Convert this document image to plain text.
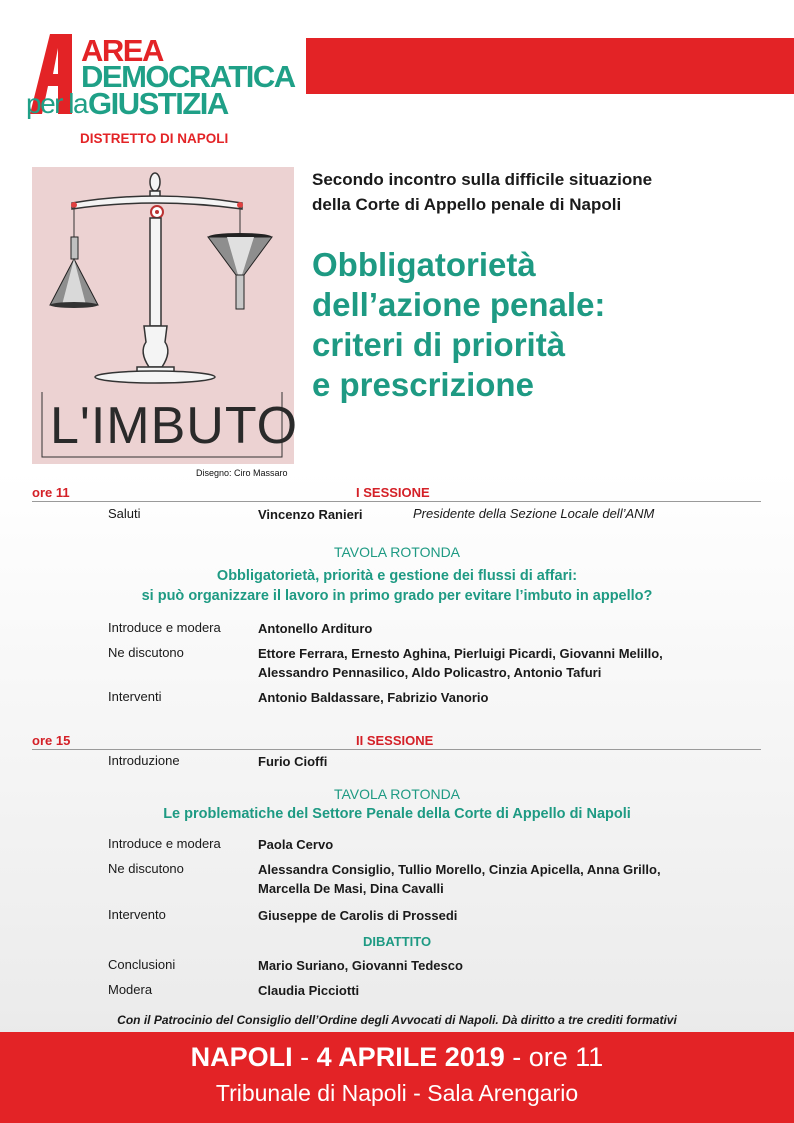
AREA
DEMOCRATICA
per la GIUSTIZIA
DISTRETTO DI NAPOLI
L'IMBUTO
Disegno: Ciro Massaro
Secondo incontro sulla difficile situazione
della Corte di Appello penale di Napoli
Obbligatorietà
dell’azione penale:
criteri di priorità
e prescrizione
ore 11	I SESSIONE
Saluti	Vincenzo Ranieri	Presidente della Sezione Locale dell’ANM
TAVOLA ROTONDA
Obbligatorietà, priorità e gestione dei flussi di affari:
si può organizzare il lavoro in primo grado per evitare l’imbuto in appello?
Introduce e modera	Antonello Ardituro
Ne discutono	Ettore Ferrara, Ernesto Aghina, Pierluigi Picardi, Giovanni Melillo,
Alessandro Pennasilico, Aldo Policastro, Antonio Tafuri
Interventi	Antonio Baldassare, Fabrizio Vanorio
ore 15	II SESSIONE
Introduzione	Furio Cioffi
TAVOLA ROTONDA
Le problematiche del Settore Penale della Corte di Appello di Napoli
Introduce e modera	Paola Cervo
Ne discutono	Alessandra Consiglio, Tullio Morello, Cinzia Apicella, Anna Grillo,
Marcella De Masi, Dina Cavalli
Intervento	Giuseppe de Carolis di Prossedi
DIBATTITO
Conclusioni	Mario Suriano, Giovanni Tedesco
Modera	Claudia Picciotti
Con il Patrocinio del Consiglio dell’Ordine degli Avvocati di Napoli. Dà diritto a tre crediti formativi
NAPOLI - 4 APRILE 2019 - ore 11
Tribunale di Napoli - Sala Arengario
